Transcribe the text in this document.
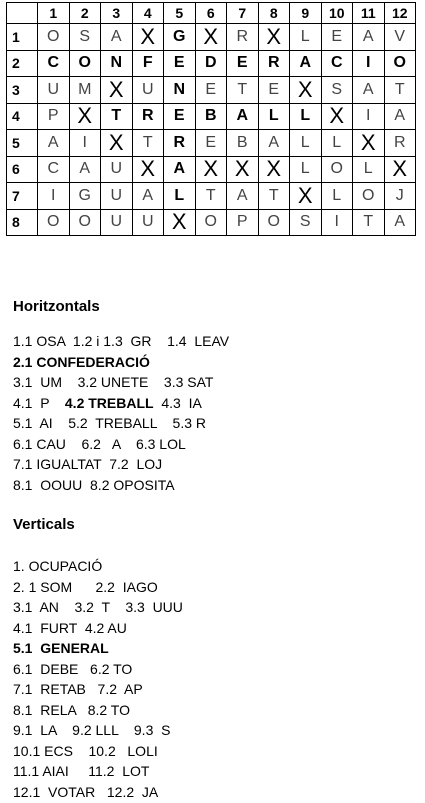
	1	2	3	4	5	6	7	8	9	10	11	12
1	O	S	A	X	G	X	R	X	L	E	A	V
2	C	O	N	F	E	D	E	R	A	C	I	O
3	U	M	X	U	N	E	T	E	X	S	A	T
4	P	X	T	R	E	B	A	L	L	X	I	A
5	A	I	X	T	R	E	B	A	L	L	X	R
6	C	A	U	X	A	X	X	X	L	O	L	X
7	I	G	U	A	L	T	A	T	X	L	O	J
8	O	O	U	U	X	O	P	O	S	I	T	A
Horitzontals
1.1 OSA  1.2 i 1.3  GR    1.4  LEAV
2.1 CONFEDERACIÓ
3.1  UM    3.2 UNETE    3.3 SAT
4.1  P    4.2 TREBALL  4.3  IA
5.1  AI    5.2  TREBALL    5.3 R
6.1 CAU    6.2   A    6.3 LOL
7.1 IGUALTAT  7.2  LOJ
8.1  OOUU  8.2 OPOSITA
Verticals
1. OCUPACIÓ
2. 1 SOM      2.2  IAGO
3.1  AN    3.2  T    3.3  UUU
4.1  FURT  4.2 AU
5.1  GENERAL
6.1  DEBE   6.2 TO
7.1  RETAB   7.2  AP
8.1  RELA   8.2 TO
9.1  LA    9.2 LLL    9.3  S
10.1 ECS    10.2   LOLI
11.1 AIAI     11.2  LOT
12.1  VOTAR   12.2  JA
